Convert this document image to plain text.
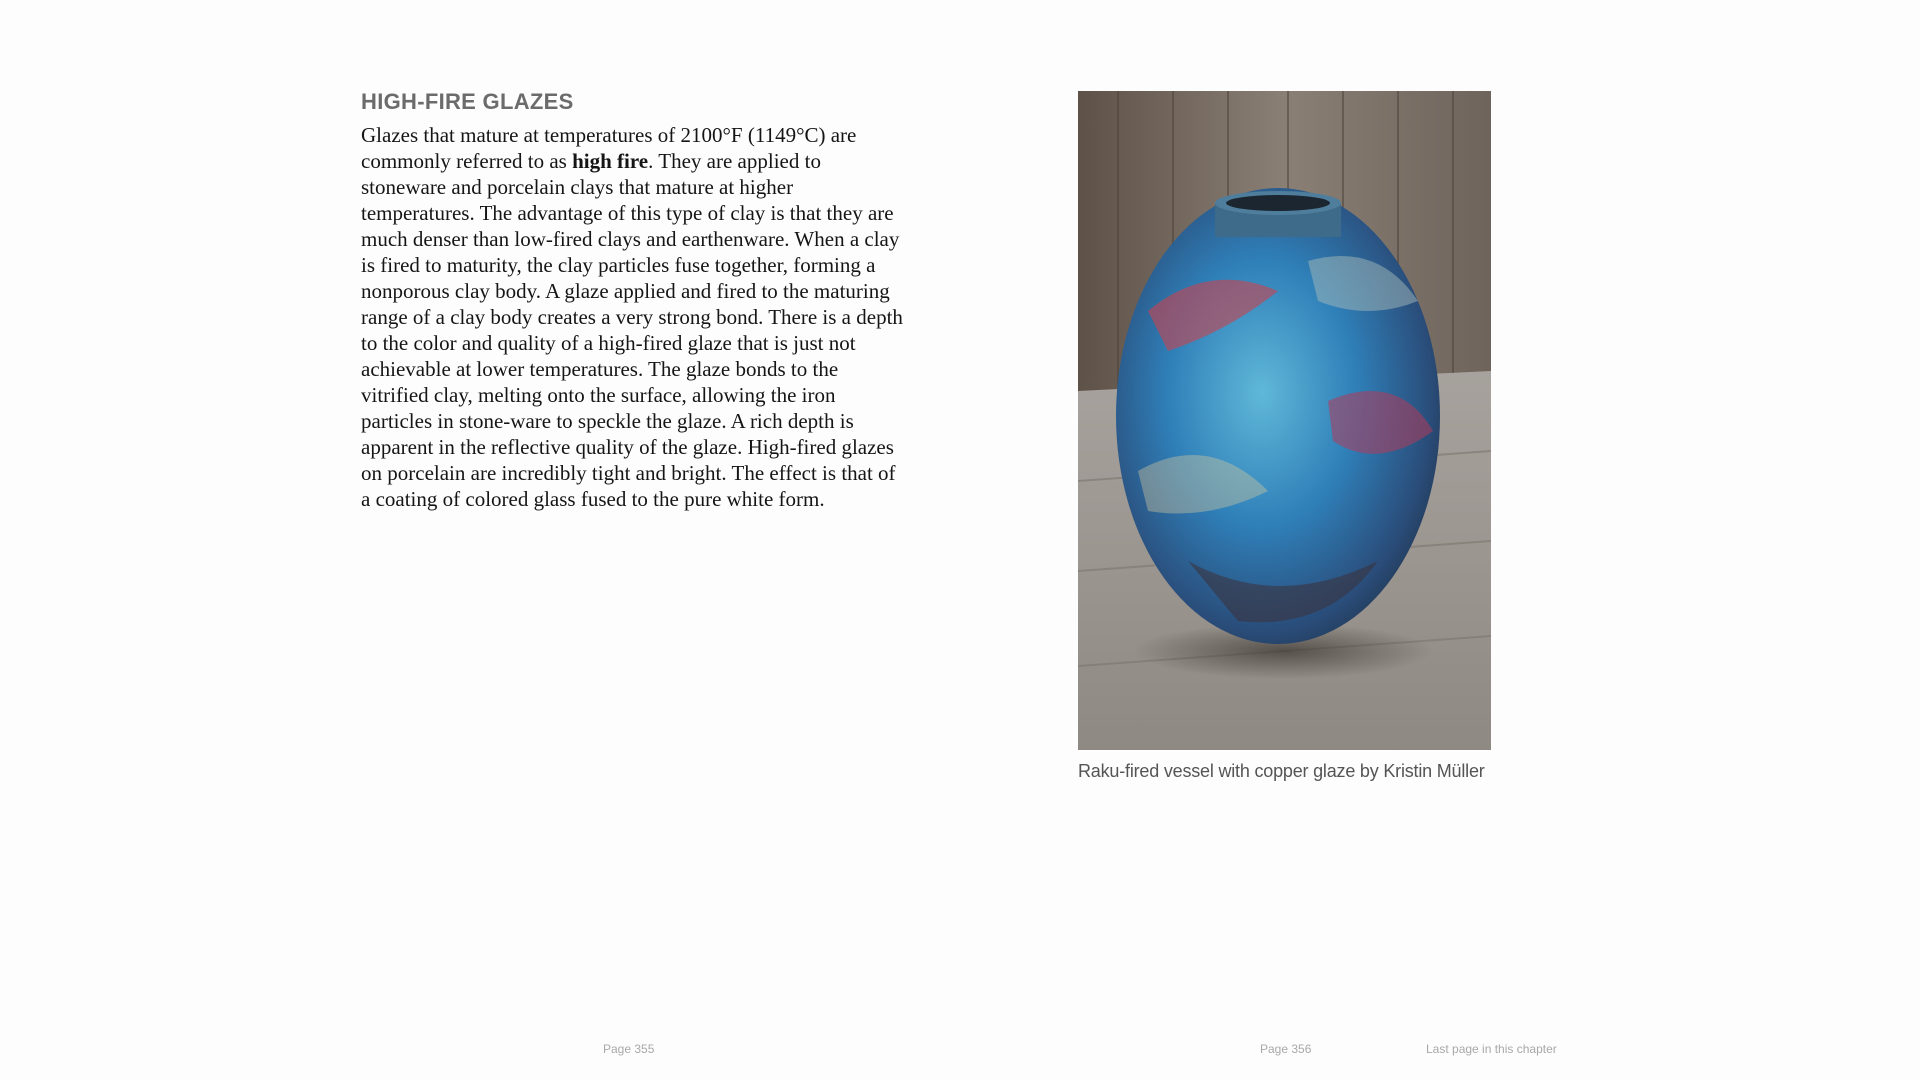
HIGH-FIRE GLAZES

Glazes that mature at temperatures of 2100°F (1149°C) are commonly referred to as high fire. They are applied to stoneware and porcelain clays that mature at higher temperatures. The advantage of this type of clay is that they are much denser than low-fired clays and earthenware. When a clay is fired to maturity, the clay particles fuse together, forming a nonporous clay body. A glaze applied and fired to the maturing range of a clay body creates a very strong bond. There is a depth to the color and quality of a high-fired glaze that is just not achievable at lower temperatures. The glaze bonds to the vitrified clay, melting onto the surface, allowing the iron particles in stone-ware to speckle the glaze. A rich depth is apparent in the reflective quality of the glaze. High-fired glazes on porcelain are incredibly tight and bright. The effect is that of a coating of colored glass fused to the pure white form.

Raku-fired vessel with copper glaze by Kristin Müller
Page 355	Page 356	Last page in this chapter
